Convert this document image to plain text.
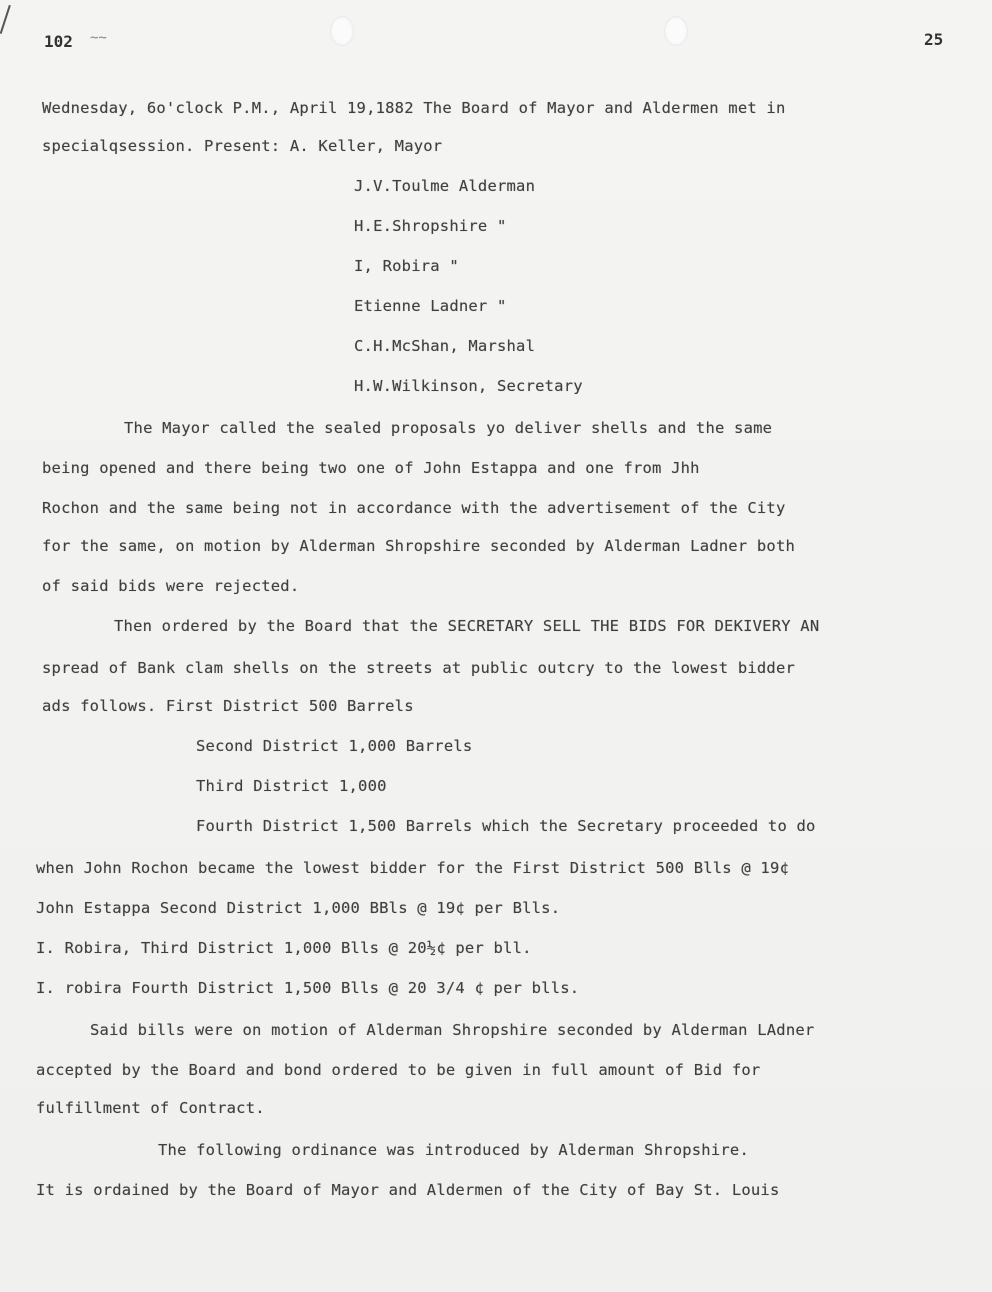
102 ~~	25
Wednesday, 6o'clock P.M., April 19,1882 The Board of Mayor and Aldermen met in
specialqsession. Present: A. Keller, Mayor
J.V.Toulme Alderman
H.E.Shropshire "
I, Robira "
Etienne Ladner "
C.H.McShan, Marshal
H.W.Wilkinson, Secretary
The Mayor called the sealed proposals yo deliver shells and the same
being opened and there being two one of John Estappa and one from Jhh
Rochon and the same being not in accordance with the advertisement of the City
for the same, on motion by Alderman Shropshire seconded by Alderman Ladner both
of said bids were rejected.
Then ordered by the Board that the SECRETARY SELL THE BIDS FOR DEKIVERY AN
spread of Bank clam shells on the streets at public outcry to the lowest bidder
ads follows. First District 500 Barrels
Second District 1,000 Barrels
Third District 1,000
Fourth District 1,500 Barrels which the Secretary proceeded to do
when John Rochon became the lowest bidder for the First District 500 Blls @ 19¢
John Estappa Second District 1,000 BBls @ 19¢ per Blls.
I. Robira, Third District 1,000 Blls @ 20½¢ per bll.
I. robira Fourth District 1,500 Blls @ 20 3/4 ¢ per blls.
Said bills were on motion of Alderman Shropshire seconded by Alderman LAdner
accepted by the Board and bond ordered to be given in full amount of Bid for
fulfillment of Contract.
The following ordinance was introduced by Alderman Shropshire.
It is ordained by the Board of Mayor and Aldermen of the City of Bay St. Louis
